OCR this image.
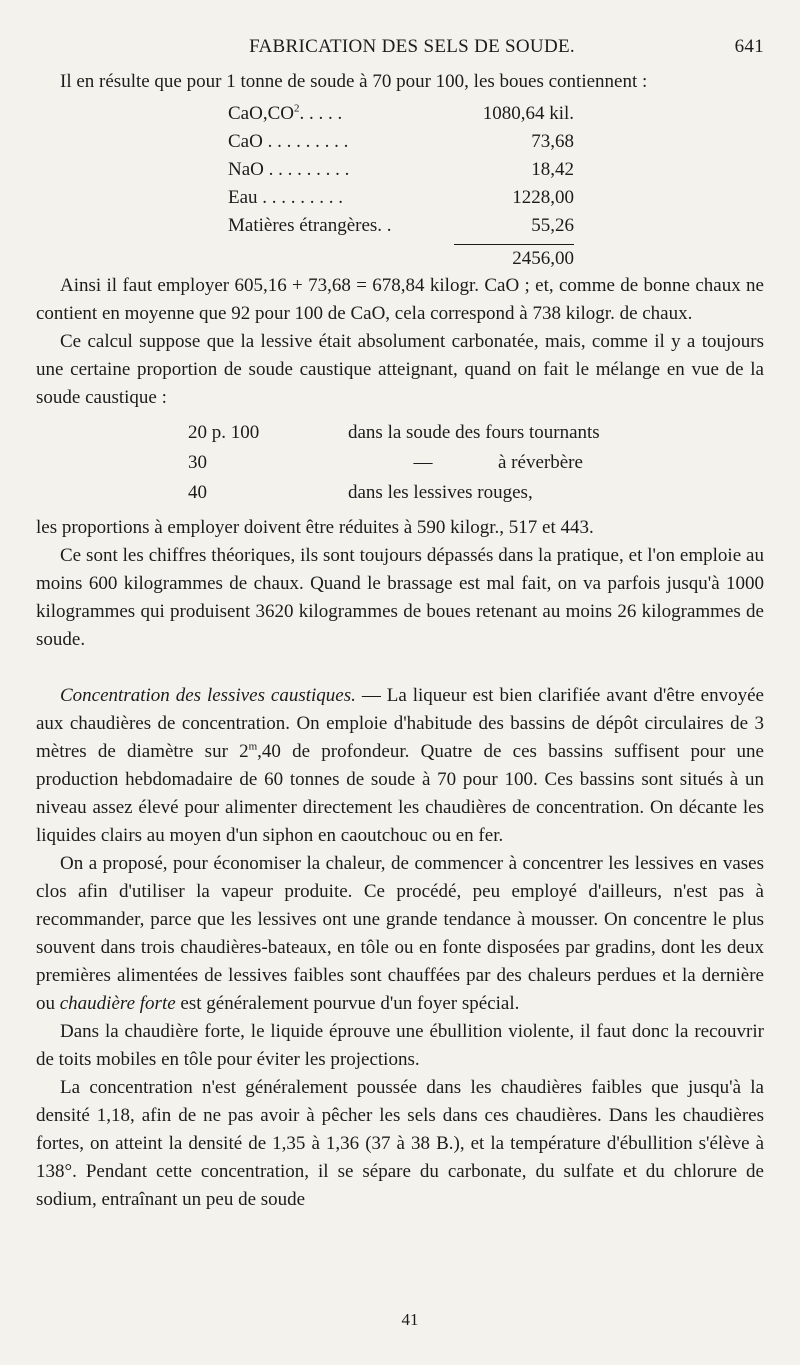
FABRICATION DES SELS DE SOUDE.	641

Il en résulte que pour 1 tonne de soude à 70 pour 100, les boues contiennent :

$CaO,CO^2$. . . . .	1080,64 kil.
CaO . . . . . . . . .	73,68
NaO . . . . . . . . .	18,42
Eau . . . . . . . . .	1228,00
Matières étrangères. .	55,26
2456,00

Ainsi il faut employer 605,16 + 73,68 = 678,84 kilogr. CaO ; et, comme de bonne chaux ne contient en moyenne que 92 pour 100 de CaO, cela correspond à 738 kilogr. de chaux.

Ce calcul suppose que la lessive était absolument carbonatée, mais, comme il y a toujours une certaine proportion de soude caustique atteignant, quand on fait le mélange en vue de la soude caustique :

20 p. 100	dans la soude des fours tournants
30	—	à réverbère
40	dans les lessives rouges,

les proportions à employer doivent être réduites à 590 kilogr., 517 et 443.

Ce sont les chiffres théoriques, ils sont toujours dépassés dans la pratique, et l'on emploie au moins 600 kilogrammes de chaux. Quand le brassage est mal fait, on va parfois jusqu'à 1000 kilogrammes qui produisent 3620 kilogrammes de boues retenant au moins 26 kilogrammes de soude.

Concentration des lessives caustiques. — La liqueur est bien clarifiée avant d'être envoyée aux chaudières de concentration. On emploie d'habitude des bassins de dépôt circulaires de 3 mètres de diamètre sur 2$^m$,40 de profondeur. Quatre de ces bassins suffisent pour une production hebdomadaire de 60 tonnes de soude à 70 pour 100. Ces bassins sont situés à un niveau assez élevé pour alimenter directement les chaudières de concentration. On décante les liquides clairs au moyen d'un siphon en caoutchouc ou en fer.

On a proposé, pour économiser la chaleur, de commencer à concentrer les lessives en vases clos afin d'utiliser la vapeur produite. Ce procédé, peu employé d'ailleurs, n'est pas à recommander, parce que les lessives ont une grande tendance à mousser. On concentre le plus souvent dans trois chaudières-bateaux, en tôle ou en fonte disposées par gradins, dont les deux premières alimentées de lessives faibles sont chauffées par des chaleurs perdues et la dernière ou chaudière forte est généralement pourvue d'un foyer spécial.

Dans la chaudière forte, le liquide éprouve une ébullition violente, il faut donc la recouvrir de toits mobiles en tôle pour éviter les projections.

La concentration n'est généralement poussée dans les chaudières faibles que jusqu'à la densité 1,18, afin de ne pas avoir à pêcher les sels dans ces chaudières. Dans les chaudières fortes, on atteint la densité de 1,35 à 1,36 (37 à 38 B.), et la température d'ébullition s'élève à 138°. Pendant cette concentration, il se sépare du carbonate, du sulfate et du chlorure de sodium, entraînant un peu de soude

41
